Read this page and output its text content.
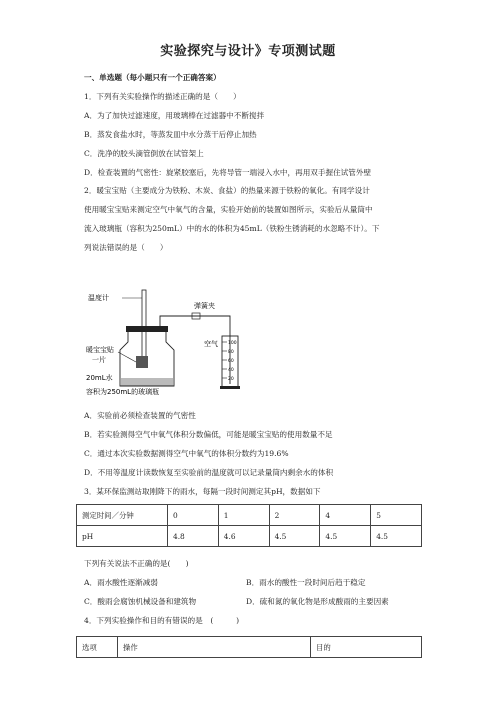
实验探究与设计》专项测试题
一、单选题（每小题只有一个正确答案）
1．下列有关实验操作的描述正确的是（　　）
A．为了加快过滤速度，用玻璃棒在过滤器中不断搅拌
B．蒸发食盐水时，等蒸发皿中水分蒸干后停止加热
C．洗净的胶头滴管倒放在试管架上
D．检查装置的气密性：旋紧胶塞后，先将导管一端浸入水中，再用双手握住试管外壁
2．暖宝宝贴（主要成分为铁粉、木炭、食盐）的热量来源于铁粉的氧化。有同学设计
使用暖宝宝贴来测定空气中氧气的含量，实验开始前的装置如图所示，实验后从量筒中
流入玻璃瓶（容积为250mL）中的水的体积为45mL（铁粉生锈消耗的水忽略不计）。下
列说法错误的是（　　）
温度计
暖宝宝贴
一片
20mL水
容积为250mL的玻璃瓶
弹簧夹
100
80
60
40
20
空气
A．实验前必须检查装置的气密性
B．若实验测得空气中氧气体积分数偏低，可能是暖宝宝贴的使用数量不足
C．通过本次实验数据测得空气中氧气的体积分数约为19.6%
D．不用等温度计读数恢复至实验前的温度就可以记录量筒内剩余水的体积
3．某环保监测站取刚降下的雨水，每隔一段时间测定其pH，数据如下
测定时间／分钟	0	1	2	4	5
pH	4.8	4.6	4.5	4.5	4.5
下列有关说法不正确的是(　　)
A．雨水酸性逐渐减弱	B．雨水的酸性一段时间后趋于稳定
C．酸雨会腐蚀机械设备和建筑物	D．硫和氮的氧化物是形成酸雨的主要因素
4．下列实验操作和目的有错误的是　(　　　)
选项	操作	目的
